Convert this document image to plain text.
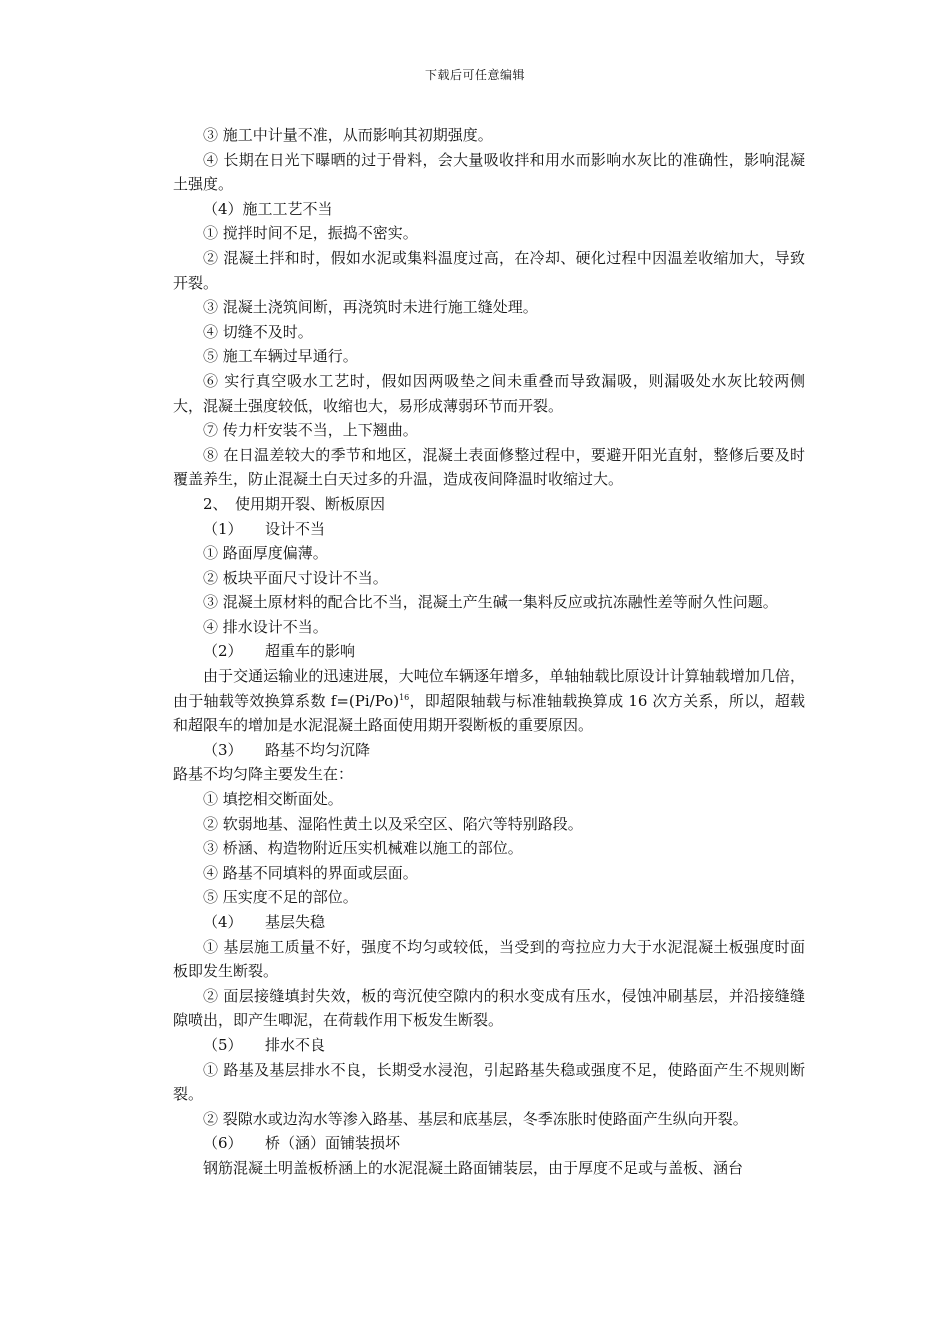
下载后可任意编辑

③ 施工中计量不准，从而影响其初期强度。

④ 长期在日光下曝晒的过于骨料，会大量吸收拌和用水而影响水灰比的准确性，影响混凝土强度。

（4）施工工艺不当

① 搅拌时间不足，振捣不密实。

② 混凝土拌和时，假如水泥或集料温度过高，在冷却、硬化过程中因温差收缩加大，导致开裂。

③ 混凝土浇筑间断，再浇筑时未进行施工缝处理。

④ 切缝不及时。

⑤ 施工车辆过早通行。

⑥ 实行真空吸水工艺时，假如因两吸垫之间未重叠而导致漏吸，则漏吸处水灰比较两侧大，混凝土强度较低，收缩也大，易形成薄弱环节而开裂。

⑦ 传力杆安装不当，上下翘曲。

⑧ 在日温差较大的季节和地区，混凝土表面修整过程中，要避开阳光直射，整修后要及时覆盖养生，防止混凝土白天过多的升温，造成夜间降温时收缩过大。

2、　使用期开裂、断板原因

（1）　　设计不当

① 路面厚度偏薄。

② 板块平面尺寸设计不当。

③ 混凝土原材料的配合比不当，混凝土产生碱一集料反应或抗冻融性差等耐久性问题。

④ 排水设计不当。

（2）　　超重车的影响

由于交通运输业的迅速进展，大吨位车辆逐年增多，单轴轴载比原设计计算轴载增加几倍，由于轴载等效换算系数 $f=(Pi/Po)^{16}$，即超限轴载与标准轴载换算成 16 次方关系，所以，超载和超限车的增加是水泥混凝土路面使用期开裂断板的重要原因。

（3）　　路基不均匀沉降

路基不均匀降主要发生在：

① 填挖相交断面处。

② 软弱地基、湿陷性黄土以及采空区、陷穴等特别路段。

③ 桥涵、构造物附近压实机械难以施工的部位。

④ 路基不同填料的界面或层面。

⑤ 压实度不足的部位。

（4）　　基层失稳

① 基层施工质量不好，强度不均匀或较低，当受到的弯拉应力大于水泥混凝土板强度时面板即发生断裂。

② 面层接缝填封失效，板的弯沉使空隙内的积水变成有压水，侵蚀冲刷基层，并沿接缝缝隙喷出，即产生唧泥，在荷载作用下板发生断裂。

（5）　　排水不良

① 路基及基层排水不良，长期受水浸泡，引起路基失稳或强度不足，使路面产生不规则断裂。

② 裂隙水或边沟水等渗入路基、基层和底基层，冬季冻胀时使路面产生纵向开裂。

（6）　　桥（涵）面铺装损坏

钢筋混凝土明盖板桥涵上的水泥混凝土路面铺装层，由于厚度不足或与盖板、涵台
